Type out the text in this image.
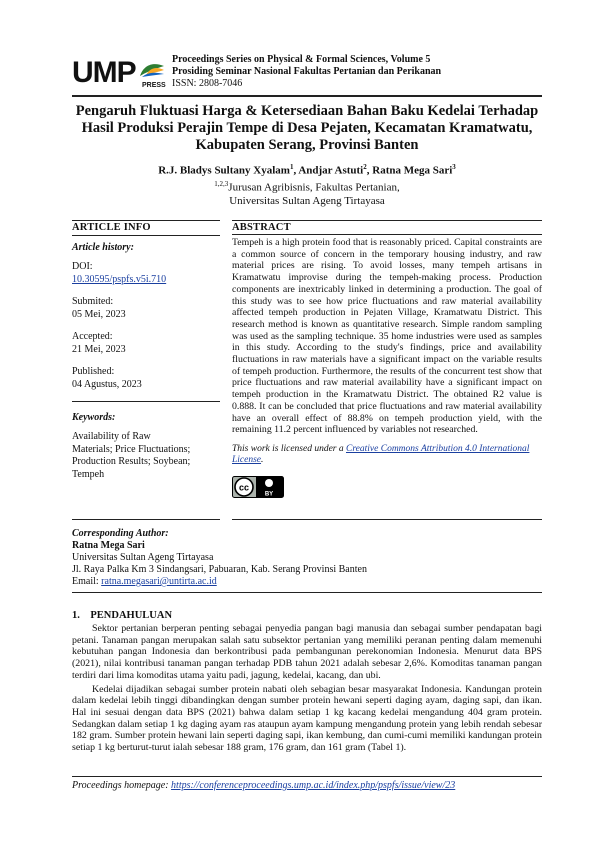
UMP PRESS
Proceedings Series on Physical & Formal Sciences, Volume 5
Prosiding Seminar Nasional Fakultas Pertanian dan Perikanan
ISSN: 2808-7046
Pengaruh Fluktuasi Harga & Ketersediaan Bahan Baku Kedelai Terhadap
Hasil Produksi Perajin Tempe di Desa Pejaten, Kecamatan Kramatwatu,
Kabupaten Serang, Provinsi Banten
R.J. Bladys Sultany Xyalam$^1$, Andjar Astuti$^2$, Ratna Mega Sari$^3$
$^{1,2,3}$Jurusan Agribisnis, Fakultas Pertanian,
Universitas Sultan Ageng Tirtayasa
ARTICLE INFO
Article history:
DOI:
10.30595/pspfs.v5i.710
Submited:
05 Mei, 2023
Accepted:
21 Mei, 2023
Published:
04 Agustus, 2023
Keywords:
Availability of Raw Materials; Price Fluctuations; Production Results; Soybean; Tempeh
ABSTRACT
Tempeh is a high protein food that is reasonably priced. Capital constraints are a common source of concern in the temporary housing industry, and raw material prices are rising. To avoid losses, many tempeh artisans in Kramatwatu improvise during the tempeh-making process. Production components are inextricably linked in determining a production. The goal of this study was to see how price fluctuations and raw material availability affected tempeh production in Pejaten Village, Kramatwatu District. This research method is known as quantitative research. Simple random sampling was used as the sampling technique. 35 home industries were used as samples in this study. According to the study's findings, price and availability fluctuations in raw materials have a significant impact on the variable results of tempeh production. Furthermore, the results of the concurrent test show that price fluctuations and raw material availability have a significant impact on tempeh production in the Kramatwatu District. The obtained R2 value is 0.888. It can be concluded that price fluctuations and raw material availability have an overall effect of 88.8% on tempeh production yield, with the remaining 11.2 percent influenced by variables not researched.
This work is licensed under a Creative Commons Attribution 4.0 International License.
cc
BY
Corresponding Author:
Ratna Mega Sari
Universitas Sultan Ageng Tirtayasa
Jl. Raya Palka Km 3 Sindangsari, Pabuaran, Kab. Serang Provinsi Banten
Email: ratna.megasari@untirta.ac.id
1.    PENDAHULUAN

Sektor pertanian berperan penting sebagai penyedia pangan bagi manusia dan sebagai sumber pendapatan bagi petani. Tanaman pangan merupakan salah satu subsektor pertanian yang memiliki peranan penting dalam memenuhi kebutuhan pangan Indonesia dan berkontribusi pada pembangunan perekonomian Indonesia. Menurut data BPS (2021), nilai kontribusi tanaman pangan terhadap PDB tahun 2021 adalah sebesar 2,6%. Komoditas tanaman pangan terdiri dari lima komoditas utama yaitu padi, jagung, kedelai, kacang, dan ubi.

Kedelai dijadikan sebagai sumber protein nabati oleh sebagian besar masyarakat Indonesia. Kandungan protein dalam kedelai lebih tinggi dibandingkan dengan sumber protein hewani seperti daging ayam, daging sapi, dan ikan. Hal ini sesuai dengan data BPS (2021) bahwa dalam setiap 1 kg kacang kedelai mengandung 404 gram protein. Sedangkan dalam setiap 1 kg daging ayam ras ataupun ayam kampung mengandung protein yang lebih rendah sebesar 182 gram. Sumber protein hewani lain seperti daging sapi, ikan kembung, dan cumi-cumi memiliki kandungan protein setiap 1 kg berturut-turut ialah sebesar 188 gram, 176 gram, dan 161 gram (Tabel 1).

Proceedings homepage: https://conferenceproceedings.ump.ac.id/index.php/pspfs/issue/view/23
